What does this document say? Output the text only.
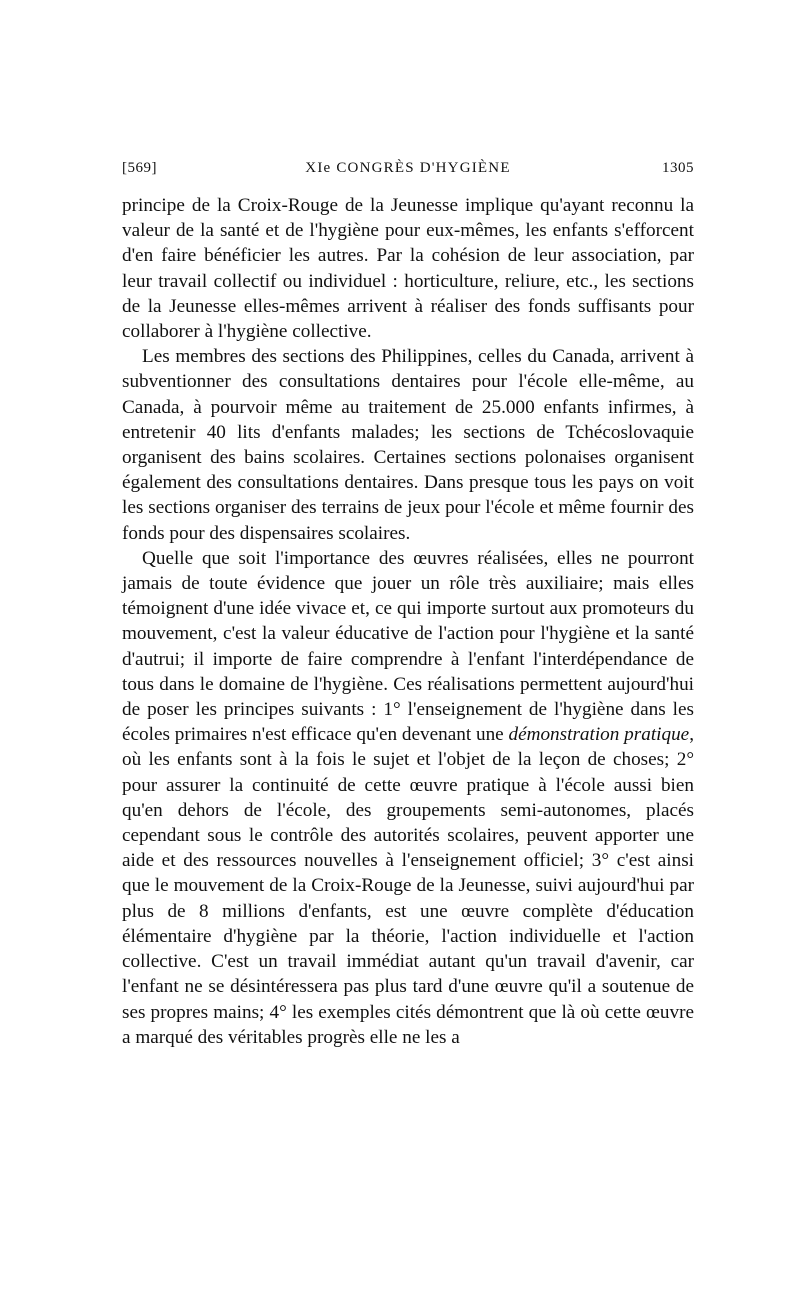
[569]	XIe CONGRÈS D'HYGIÈNE	1305

principe de la Croix-Rouge de la Jeunesse implique qu'ayant reconnu la valeur de la santé et de l'hygiène pour eux-mêmes, les enfants s'efforcent d'en faire bénéficier les autres. Par la cohésion de leur association, par leur travail collectif ou individuel : horticulture, reliure, etc., les sections de la Jeunesse elles-mêmes arrivent à réaliser des fonds suffisants pour collaborer à l'hygiène collective.

Les membres des sections des Philippines, celles du Canada, arrivent à subventionner des consultations dentaires pour l'école elle-même, au Canada, à pourvoir même au traitement de 25.000 enfants infirmes, à entretenir 40 lits d'enfants malades; les sections de Tchécoslovaquie organisent des bains scolaires. Certaines sections polonaises organisent également des consultations dentaires. Dans presque tous les pays on voit les sections organiser des terrains de jeux pour l'école et même fournir des fonds pour des dispensaires scolaires.

Quelle que soit l'importance des œuvres réalisées, elles ne pourront jamais de toute évidence que jouer un rôle très auxiliaire; mais elles témoignent d'une idée vivace et, ce qui importe surtout aux promoteurs du mouvement, c'est la valeur éducative de l'action pour l'hygiène et la santé d'autrui; il importe de faire comprendre à l'enfant l'interdépendance de tous dans le domaine de l'hygiène. Ces réalisations permettent aujourd'hui de poser les principes suivants : 1° l'enseignement de l'hygiène dans les écoles primaires n'est efficace qu'en devenant une démonstration pratique, où les enfants sont à la fois le sujet et l'objet de la leçon de choses; 2° pour assurer la continuité de cette œuvre pratique à l'école aussi bien qu'en dehors de l'école, des groupements semi-autonomes, placés cependant sous le contrôle des autorités scolaires, peuvent apporter une aide et des ressources nouvelles à l'enseignement officiel; 3° c'est ainsi que le mouvement de la Croix-Rouge de la Jeunesse, suivi aujourd'hui par plus de 8 millions d'enfants, est une œuvre complète d'éducation élémentaire d'hygiène par la théorie, l'action individuelle et l'action collective. C'est un travail immédiat autant qu'un travail d'avenir, car l'enfant ne se désintéressera pas plus tard d'une œuvre qu'il a soutenue de ses propres mains; 4° les exemples cités démontrent que là où cette œuvre a marqué des véritables progrès elle ne les a
